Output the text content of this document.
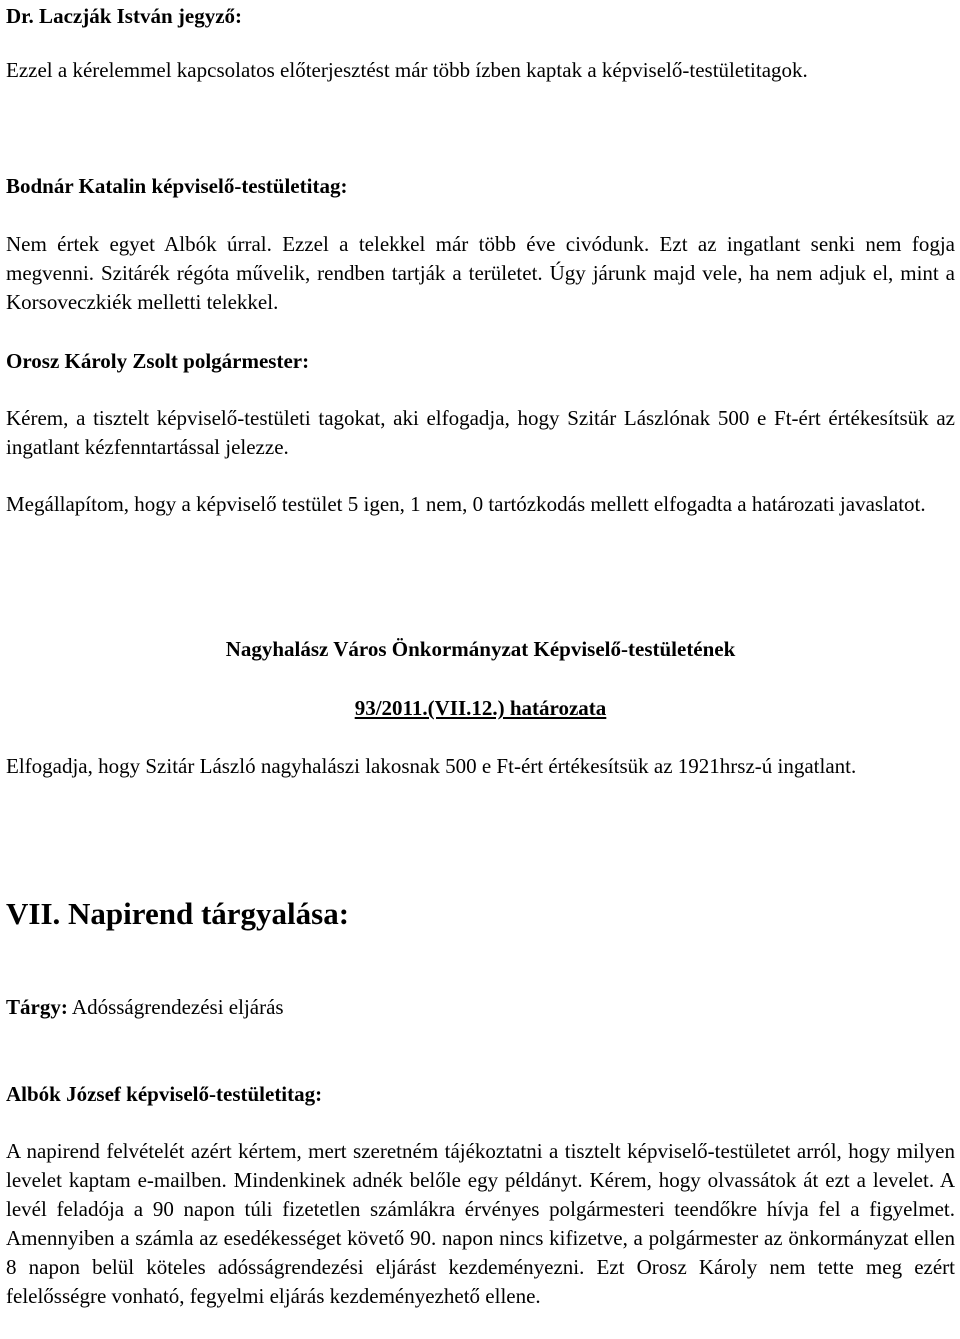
Dr. Laczják István jegyző:

Ezzel a kérelemmel kapcsolatos előterjesztést már több ízben kaptak a képviselő-testületitagok.

Bodnár Katalin képviselő-testületitag:

Nem értek egyet Albók úrral. Ezzel a telekkel már több éve civódunk. Ezt az ingatlant senki nem fogja megvenni. Szitárék régóta művelik, rendben tartják a területet. Úgy járunk majd vele, ha nem adjuk el, mint a Korsoveczkiék melletti telekkel.

Orosz Károly Zsolt polgármester:

Kérem, a tisztelt képviselő-testületi tagokat, aki elfogadja, hogy Szitár Lászlónak 500 e Ft-ért értékesítsük az ingatlant kézfenntartással jelezze.

Megállapítom, hogy a képviselő testület 5 igen, 1 nem, 0 tartózkodás mellett elfogadta a határozati javaslatot.

Nagyhalász Város Önkormányzat Képviselő-testületének

93/2011.(VII.12.) határozata

Elfogadja, hogy Szitár László nagyhalászi lakosnak 500 e Ft-ért értékesítsük az 1921hrsz-ú ingatlant.

VII. Napirend tárgyalása:

Tárgy: Adósságrendezési eljárás

Albók József képviselő-testületitag:

A napirend felvételét azért kértem, mert szeretném tájékoztatni a tisztelt képviselő-testületet arról, hogy milyen levelet kaptam e-mailben. Mindenkinek adnék belőle egy példányt. Kérem, hogy olvassátok át ezt a levelet. A levél feladója a 90 napon túli fizetetlen számlákra érvényes polgármesteri teendőkre hívja fel a figyelmet. Amennyiben a számla az esedékességet követő 90. napon nincs kifizetve, a polgármester az önkormányzat ellen 8 napon belül köteles adósságrendezési eljárást kezdeményezni. Ezt Orosz Károly nem tette meg ezért felelősségre vonható, fegyelmi eljárás kezdeményezhető ellene.
